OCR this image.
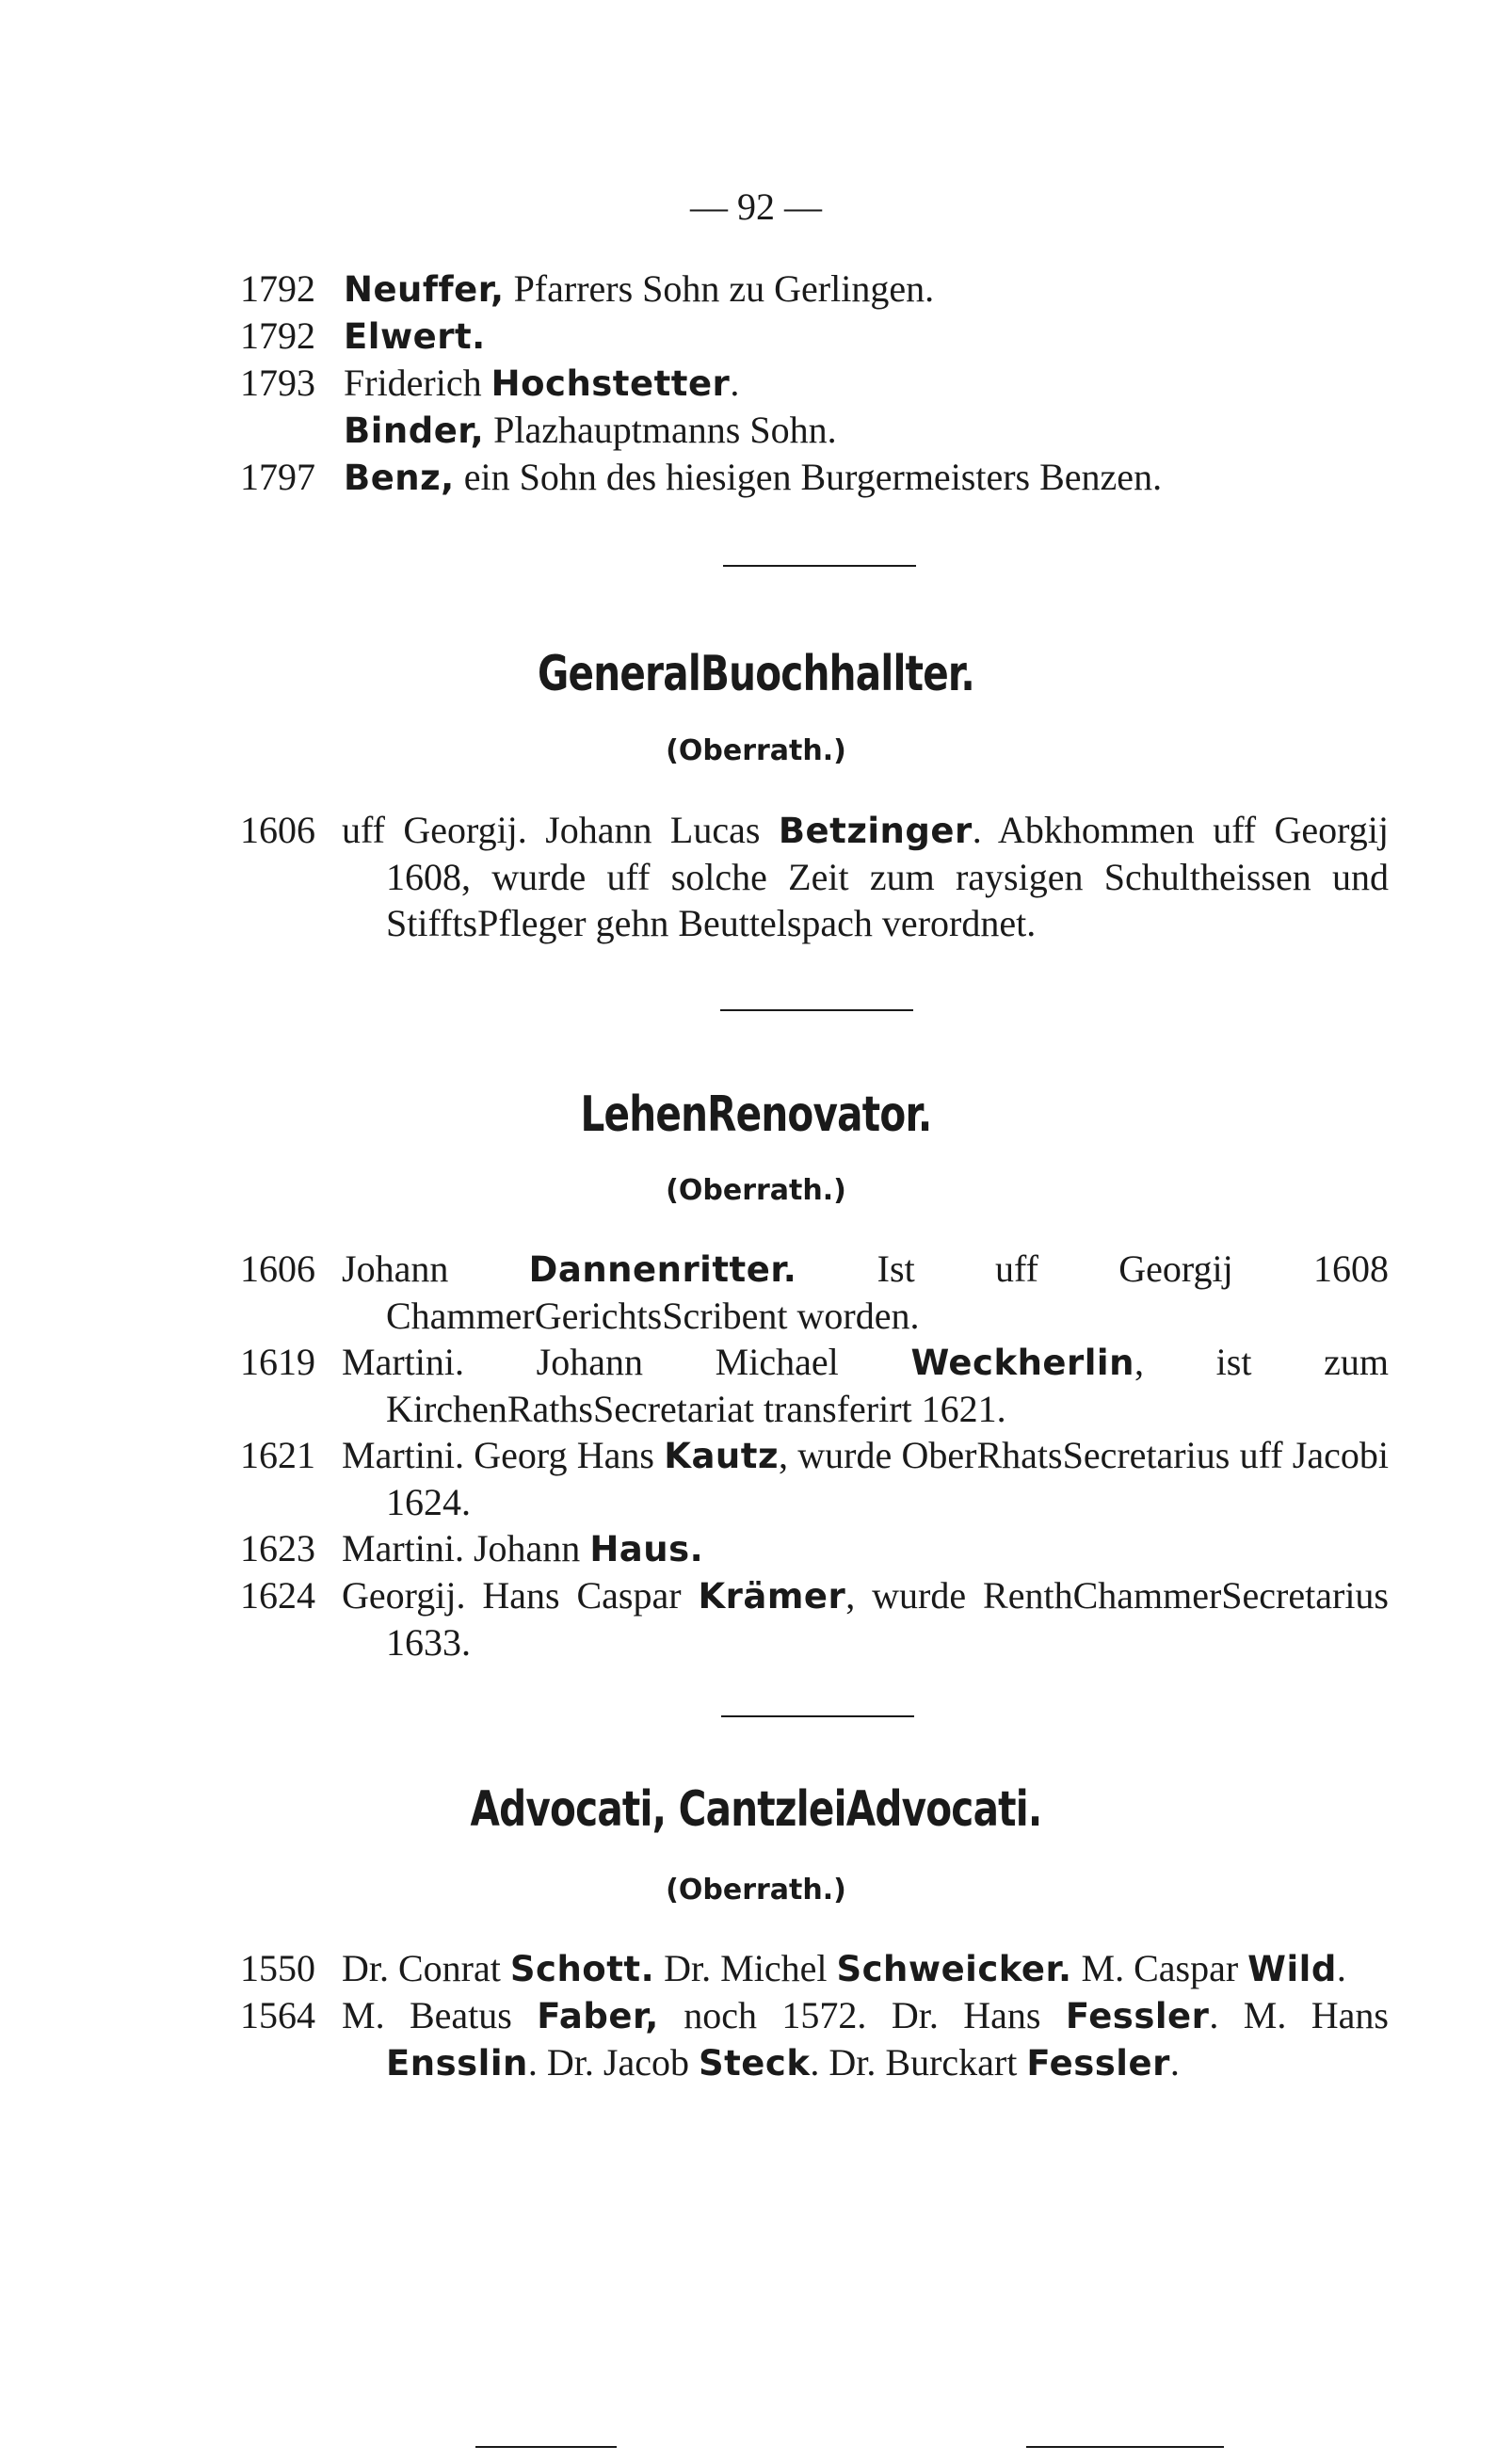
— 92 —
1792 Neuffer, Pfarrers Sohn zu Gerlingen.
1792 Elwert.
1793 Friderich Hochstetter.
Binder, Plazhauptmanns Sohn.
1797 Benz, ein Sohn des hiesigen Burgermeisters Benzen.
GeneralBuochhallter.
(Oberrath.)
1606 uff Georgij. Johann Lucas Betzinger. Abkhommen uff Georgij 1608, wurde uff solche Zeit zum raysigen Schultheissen und StifftsPfleger gehn Beuttelspach verordnet.
LehenRenovator.
(Oberrath.)
1606 Johann Dannenritter. Ist uff Georgij 1608 ChammerGerichtsScribent worden.
1619 Martini. Johann Michael Weckherlin, ist zum KirchenRathsSecretariat transferirt 1621.
1621 Martini. Georg Hans Kautz, wurde OberRhatsSecretarius uff Jacobi 1624.
1623 Martini. Johann Haus.
1624 Georgij. Hans Caspar Krämer, wurde RenthChammerSecretarius 1633.
Advocati, CantzleiAdvocati.
(Oberrath.)
1550 Dr. Conrat Schott. Dr. Michel Schweicker. M. Caspar Wild.
1564 M. Beatus Faber, noch 1572. Dr. Hans Fessler. M. Hans Ensslin. Dr. Jacob Steck. Dr. Burckart Fessler.
